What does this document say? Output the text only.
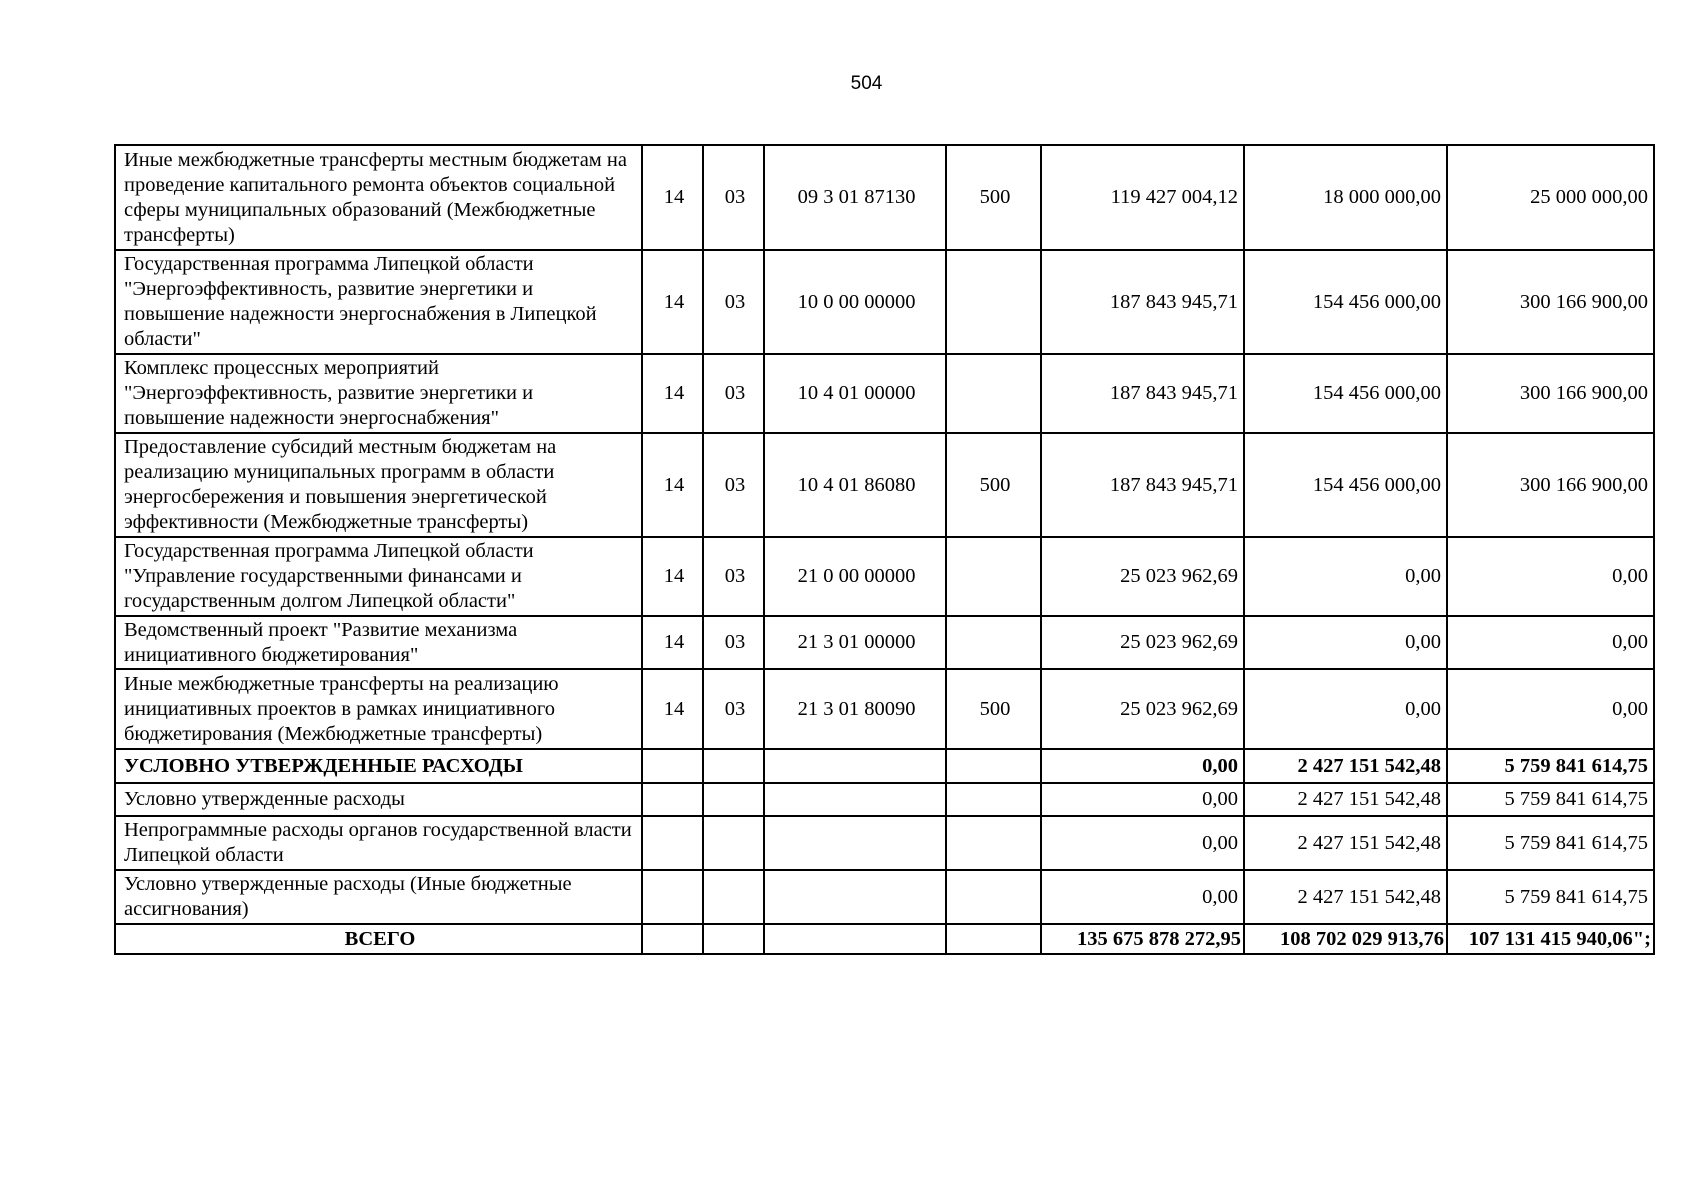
504
Иные межбюджетные трансферты местным бюджетам на проведение капитального ремонта объектов социальной сферы муниципальных образований (Межбюджетные трансферты)	14	03	09 3 01 87130	500	119 427 004,12	18 000 000,00	25 000 000,00
Государственная программа Липецкой области "Энергоэффективность, развитие энергетики и повышение надежности энергоснабжения в Липецкой области"	14	03	10 0 00 00000		187 843 945,71	154 456 000,00	300 166 900,00
Комплекс процессных мероприятий "Энергоэффективность, развитие энергетики и повышение надежности энергоснабжения"	14	03	10 4 01 00000		187 843 945,71	154 456 000,00	300 166 900,00
Предоставление субсидий местным бюджетам на реализацию муниципальных программ в области энергосбережения и повышения энергетической эффективности (Межбюджетные трансферты)	14	03	10 4 01 86080	500	187 843 945,71	154 456 000,00	300 166 900,00
Государственная программа Липецкой области "Управление государственными финансами и государственным долгом Липецкой области"	14	03	21 0 00 00000		25 023 962,69	0,00	0,00
Ведомственный проект "Развитие механизма инициативного бюджетирования"	14	03	21 3 01 00000		25 023 962,69	0,00	0,00
Иные межбюджетные трансферты на реализацию инициативных проектов в рамках инициативного бюджетирования (Межбюджетные трансферты)	14	03	21 3 01 80090	500	25 023 962,69	0,00	0,00
УСЛОВНО УТВЕРЖДЕННЫЕ РАСХОДЫ					0,00	2 427 151 542,48	5 759 841 614,75
Условно утвержденные расходы					0,00	2 427 151 542,48	5 759 841 614,75
Непрограммные расходы органов государственной власти Липецкой области					0,00	2 427 151 542,48	5 759 841 614,75
Условно утвержденные расходы (Иные бюджетные ассигнования)					0,00	2 427 151 542,48	5 759 841 614,75
ВСЕГО					135 675 878 272,95	108 702 029 913,76	107 131 415 940,06";
